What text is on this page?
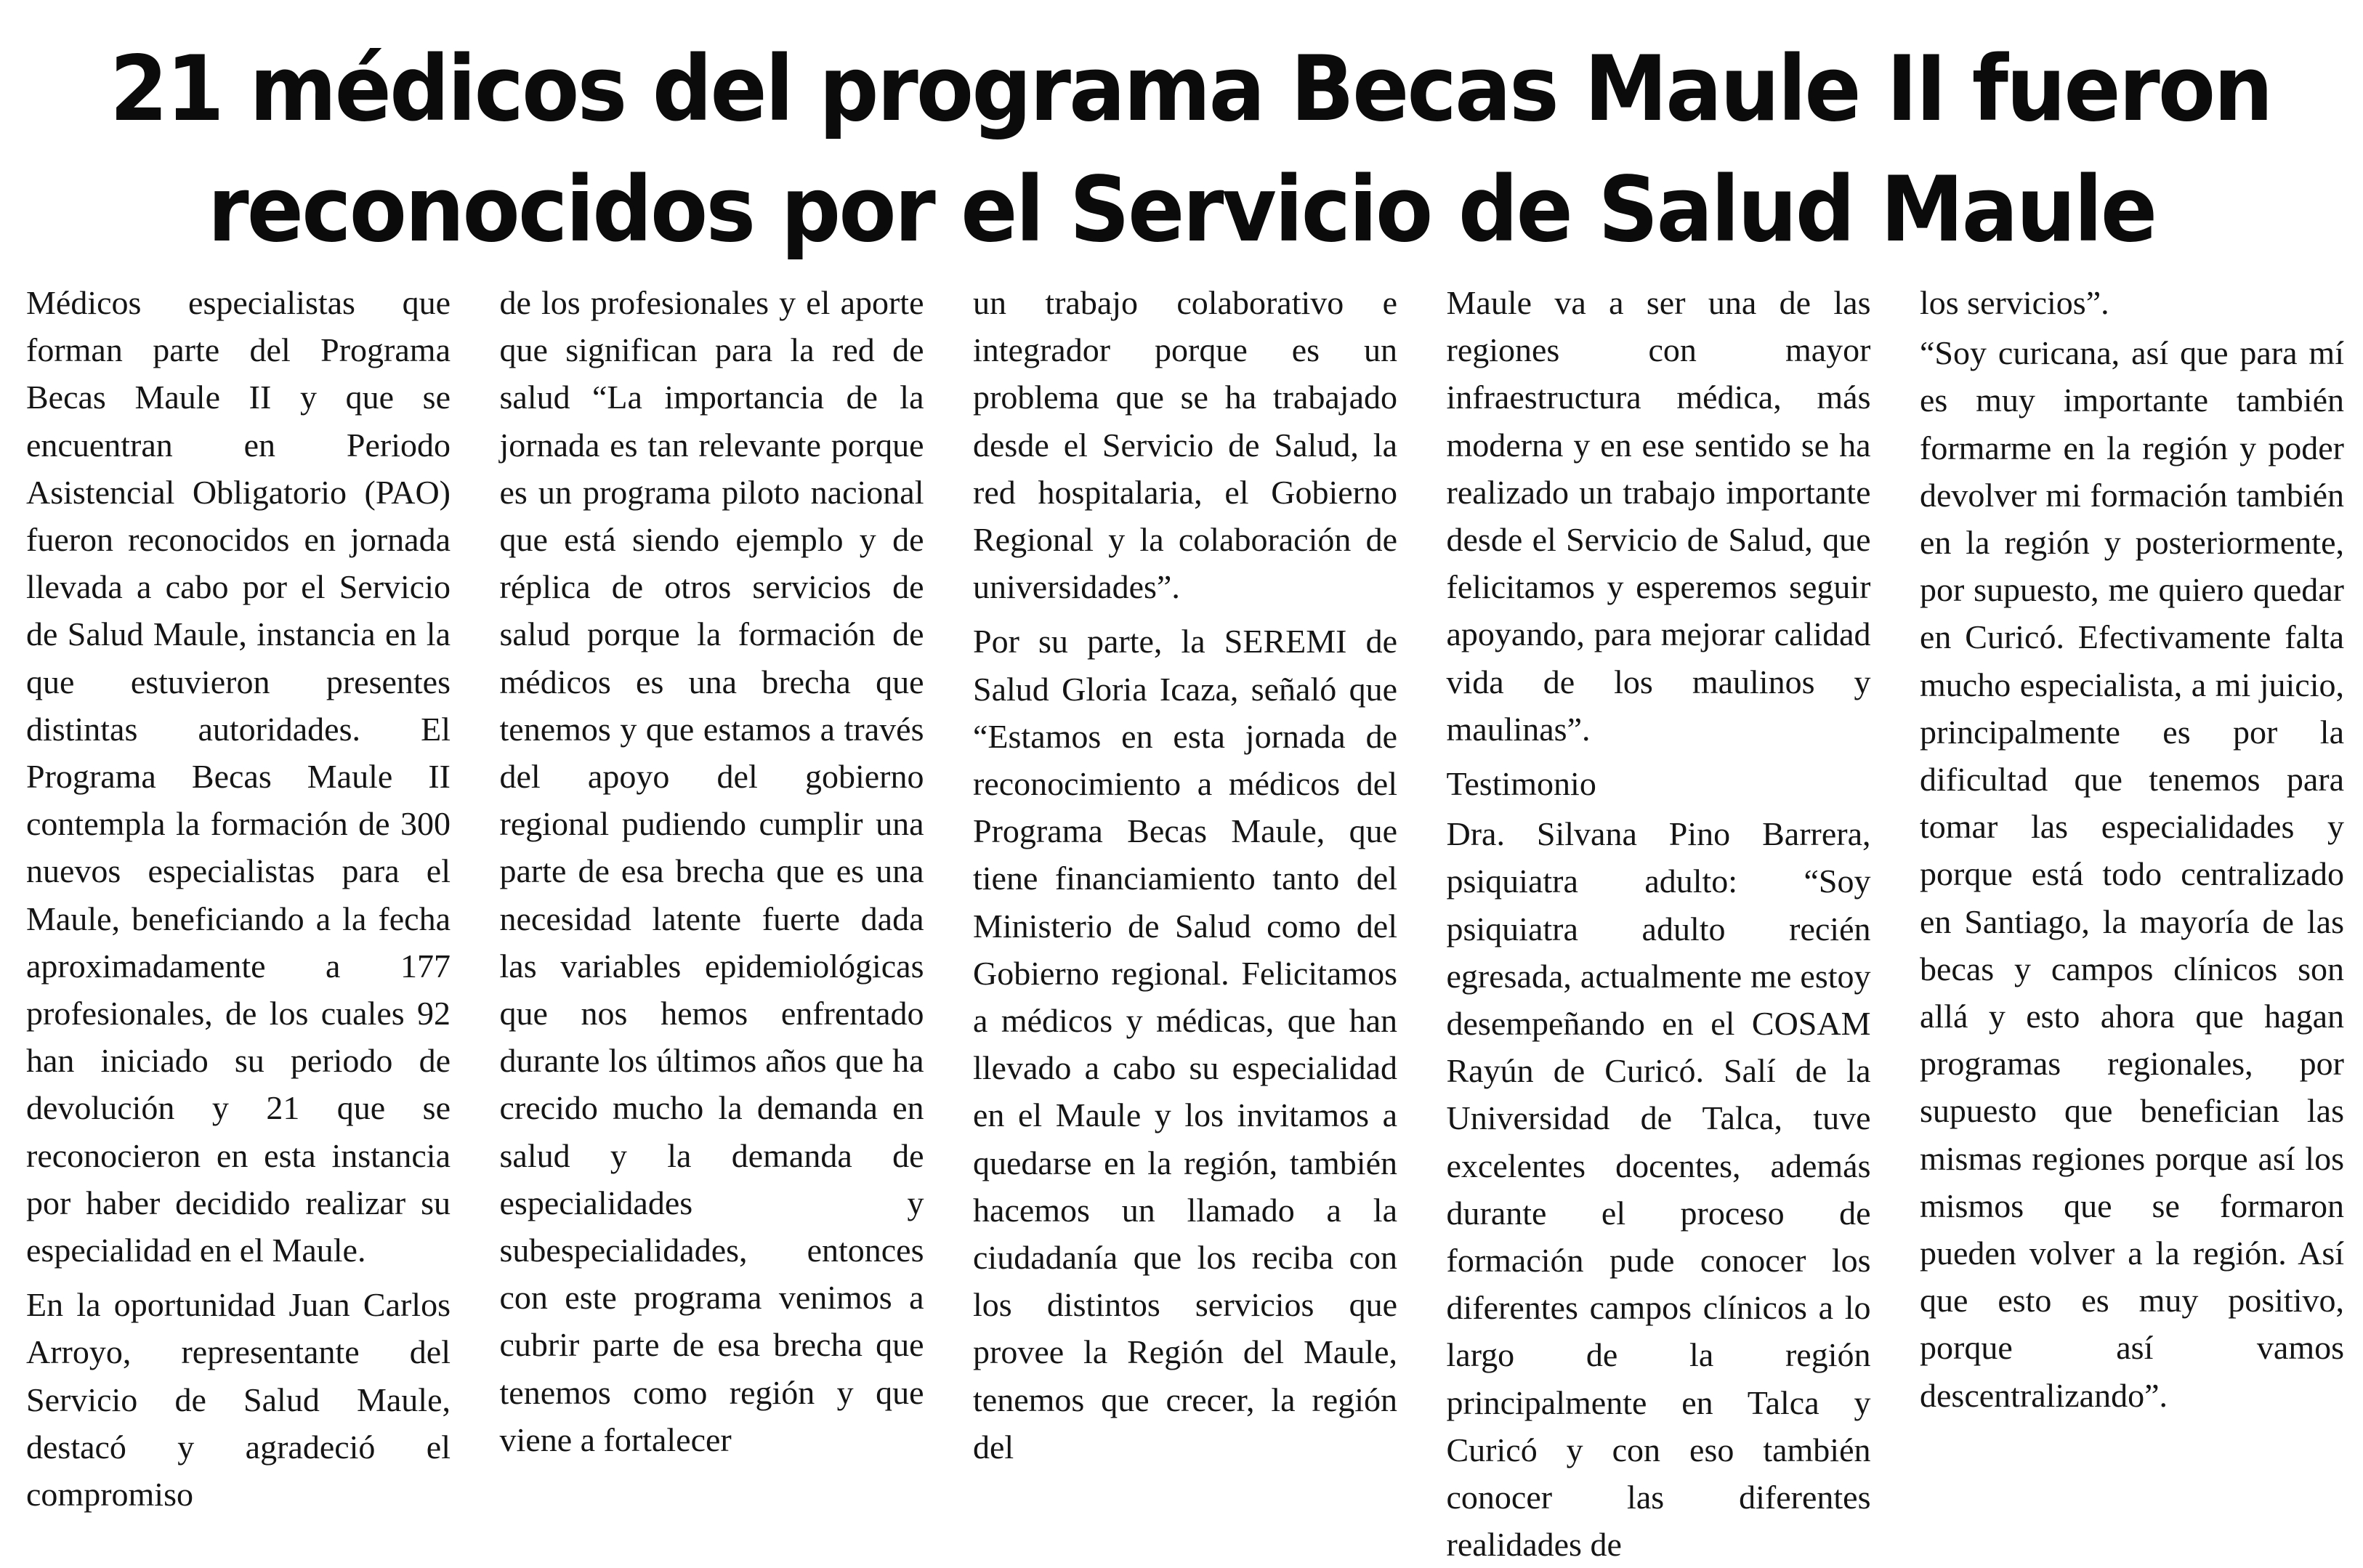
21 médicos del programa Becas Maule II fueron
reconocidos por el Servicio de Salud Maule

Médicos especialistas que forman parte del Programa Becas Maule II y que se encuentran en Periodo Asistencial Obligatorio (PAO) fueron reconocidos en jornada llevada a cabo por el Servicio de Salud Maule, instancia en la que estuvieron presentes distintas autoridades. El Programa Becas Maule II contempla la formación de 300 nuevos especialistas para el Maule, beneficiando a la fecha aproximadamente a 177 profesionales, de los cuales 92 han iniciado su periodo de devolución y 21 que se reconocieron en esta instancia por haber decidido realizar su especialidad en el Maule.

En la oportunidad Juan Carlos Arroyo, representante del Servicio de Salud Maule, destacó y agradeció el compromiso

de los profesionales y el aporte que significan para la red de salud “La importancia de la jornada es tan relevante porque es un programa piloto nacional que está siendo ejemplo y de réplica de otros servicios de salud porque la formación de médicos es una brecha que tenemos y que estamos a través del apoyo del gobierno regional pudiendo cumplir una parte de esa brecha que es una necesidad latente fuerte dada las variables epidemiológicas que nos hemos enfrentado durante los últimos años que ha crecido mucho la demanda en salud y la demanda de especialidades y subespecialidades, entonces con este programa venimos a cubrir parte de esa brecha que tenemos como región y que viene a fortalecer

un trabajo colaborativo e integrador porque es un problema que se ha trabajado desde el Servicio de Salud, la red hospitalaria, el Gobierno Regional y la colaboración de universidades”.

Por su parte, la SEREMI de Salud Gloria Icaza, señaló que “Estamos en esta jornada de reconocimiento a médicos del Programa Becas Maule, que tiene financiamiento tanto del Ministerio de Salud como del Gobierno regional. Felicitamos a médicos y médicas, que han llevado a cabo su especialidad en el Maule y los invitamos a quedarse en la región, también hacemos un llamado a la ciudadanía que los reciba con los distintos servicios que provee la Región del Maule, tenemos que crecer, la región del

Maule va a ser una de las regiones con mayor infraestructura médica, más moderna y en ese sentido se ha realizado un trabajo importante desde el Servicio de Salud, que felicitamos y esperemos seguir apoyando, para mejorar calidad vida de los maulinos y maulinas”.

Testimonio

Dra. Silvana Pino Barrera, psiquiatra adulto: “Soy psiquiatra adulto recién egresada, actualmente me estoy desempeñando en el COSAM Rayún de Curicó. Salí de la Universidad de Talca, tuve excelentes docentes, además durante el proceso de formación pude conocer los diferentes campos clínicos a lo largo de la región principalmente en Talca y Curicó y con eso también conocer las diferentes realidades de

los servicios”.

“Soy curicana, así que para mí es muy importante también formarme en la región y poder devolver mi formación también en la región y posteriormente, por supuesto, me quiero quedar en Curicó. Efectivamente falta mucho especialista, a mi juicio, principalmente es por la dificultad que tenemos para tomar las especialidades y porque está todo centralizado en Santiago, la mayoría de las becas y campos clínicos son allá y esto ahora que hagan programas regionales, por supuesto que benefician las mismas regiones porque así los mismos que se formaron pueden volver a la región. Así que esto es muy positivo, porque así vamos descentralizando”.
